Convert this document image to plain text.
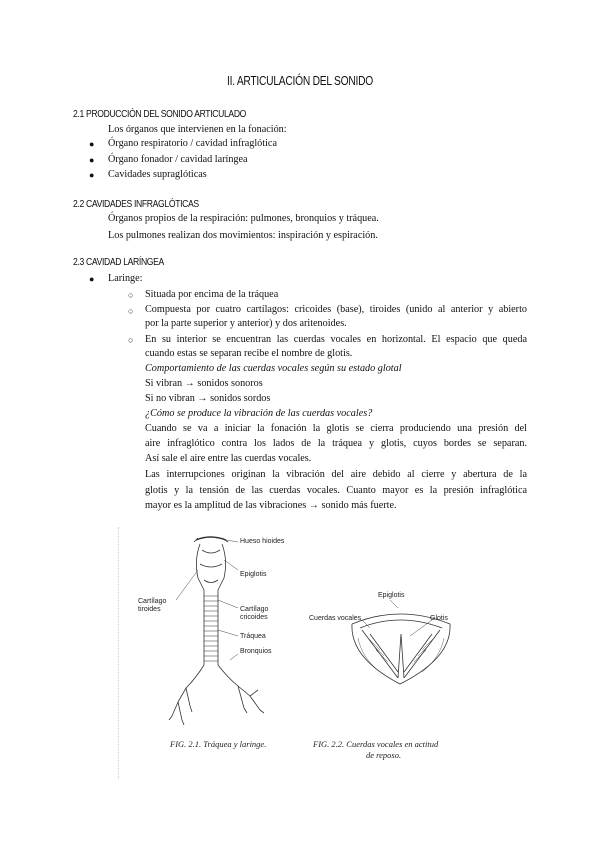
II. ARTICULACIÓN DEL SONIDO
2.1 PRODUCCIÓN DEL SONIDO ARTICULADO
Los órganos que intervienen en la fonación:
● Órgano respiratorio / cavidad infraglótica
● Órgano fonador / cavidad laríngea
● Cavidades supraglóticas
2.2 CAVIDADES INFRAGLÓTICAS
Órganos propios de la respiración: pulmones, bronquios y tráquea.
Los pulmones realizan dos movimientos: inspiración y espiración.
2.3 CAVIDAD LARÍNGEA
● Laringe:
○ Situada por encima de la tráquea
○ Compuesta por cuatro cartílagos: cricoides (base), tiroides (unido al anterior y abierto
por la parte superior y anterior) y dos aritenoides.
○ En su interior se encuentran las cuerdas vocales en horizontal. El espacio que queda
cuando estas se separan recibe el nombre de glotis.
Comportamiento de las cuerdas vocales según su estado glotal
Si vibran → sonidos sonoros
Si no vibran → sonidos sordos
¿Cómo se produce la vibración de las cuerdas vocales?
Cuando se va a iniciar la fonación la glotis se cierra produciendo una presión del
aire infraglótico contra los lados de la tráquea y glotis, cuyos bordes se separan.
Así sale el aire entre las cuerdas vocales.
Las interrupciones originan la vibración del aire debido al cierre y abertura de la
glotis y la tensión de las cuerdas vocales. Cuanto mayor es la presión infraglótica
mayor es la amplitud de las vibraciones → sonido más fuerte.
Hueso hioides
Epiglotis
Cartílago
tiroides	Cartílago
cricoides
Tráquea
Bronquios
Epiglotis
Cuerdas vocales	Glotis
FIG. 2.1. Tráquea y laringe.	FIG. 2.2. Cuerdas vocales en actitud
de reposo.
